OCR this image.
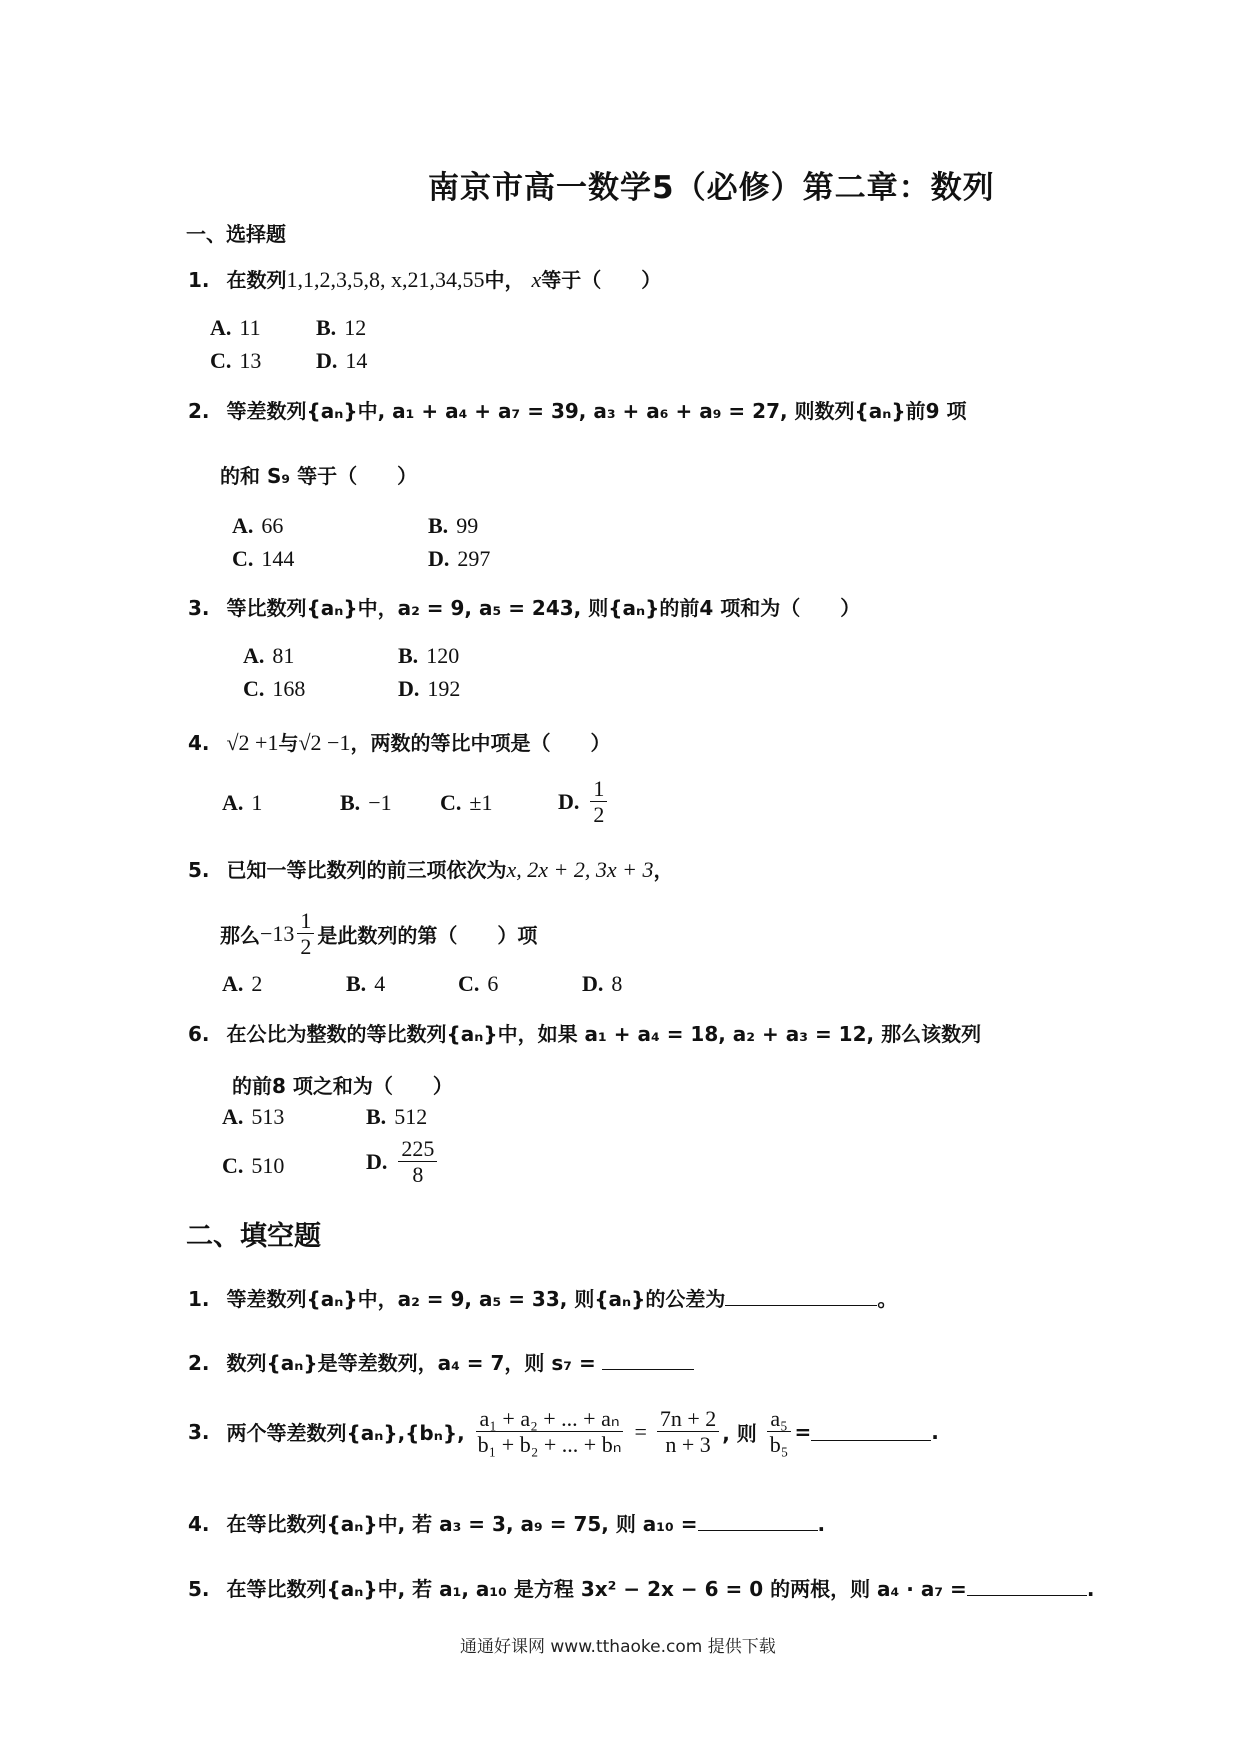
南京市高一数学5（必修）第二章：数列
一、选择题
1. 在数列1,1,2,3,5,8, x,21,34,55中， x等于（　　）
A. 11	B. 12
C. 13 D. 14
2. 等差数列{aₙ}中, a₁ + a₄ + a₇ = 39, a₃ + a₆ + a₉ = 27, 则数列{aₙ}前9 项
的和 S₉ 等于（　　）
A. 66	B. 99
C. 144	D. 297
3. 等比数列{aₙ}中，a₂ = 9, a₅ = 243, 则{aₙ}的前4 项和为（　　）
A. 81	B. 120
C. 168	D. 192
4. √2 +1与√2 −1，两数的等比中项是（　　）
A. 1	B. −1 C. ±1	D. $\frac{1}{2}$
5. 已知一等比数列的前三项依次为x, 2x + 2, 3x + 3，
那么$-13 \frac{1}{2}$ 是此数列的第（　　）项
A. 2	B. 4	C. 6	D. 8
6. 在公比为整数的等比数列{aₙ}中，如果 a₁ + a₄ = 18, a₂ + a₃ = 12, 那么该数列
的前8 项之和为（　　）
A. 513	B. 512
C. 510	D. $\frac{225}{8}$
二、填空题
1. 等差数列{aₙ}中，a₂ = 9, a₅ = 33, 则{aₙ}的公差为	。
2. 数列{aₙ}是等差数列，a₄ = 7，则 s₇ =
3. 两个等差数列{aₙ},{bₙ}, $\frac{\text{a₁ + a₂ + ... + aₙ}}{\text{b₁ + b₂ + ... + bₙ}} = \frac{7n + 2}{n + 3}$ , 则 $\frac{\text{a₅}}{\text{b₅}}$ =	.
4. 在等比数列{aₙ}中, 若 a₃ = 3, a₉ = 75, 则 a₁₀ =	.
5. 在等比数列{aₙ}中, 若 a₁, a₁₀ 是方程 3x² − 2x − 6 = 0 的两根，则 a₄ · a₇ =	.
通通好课网 www.tthaoke.com 提供下载
